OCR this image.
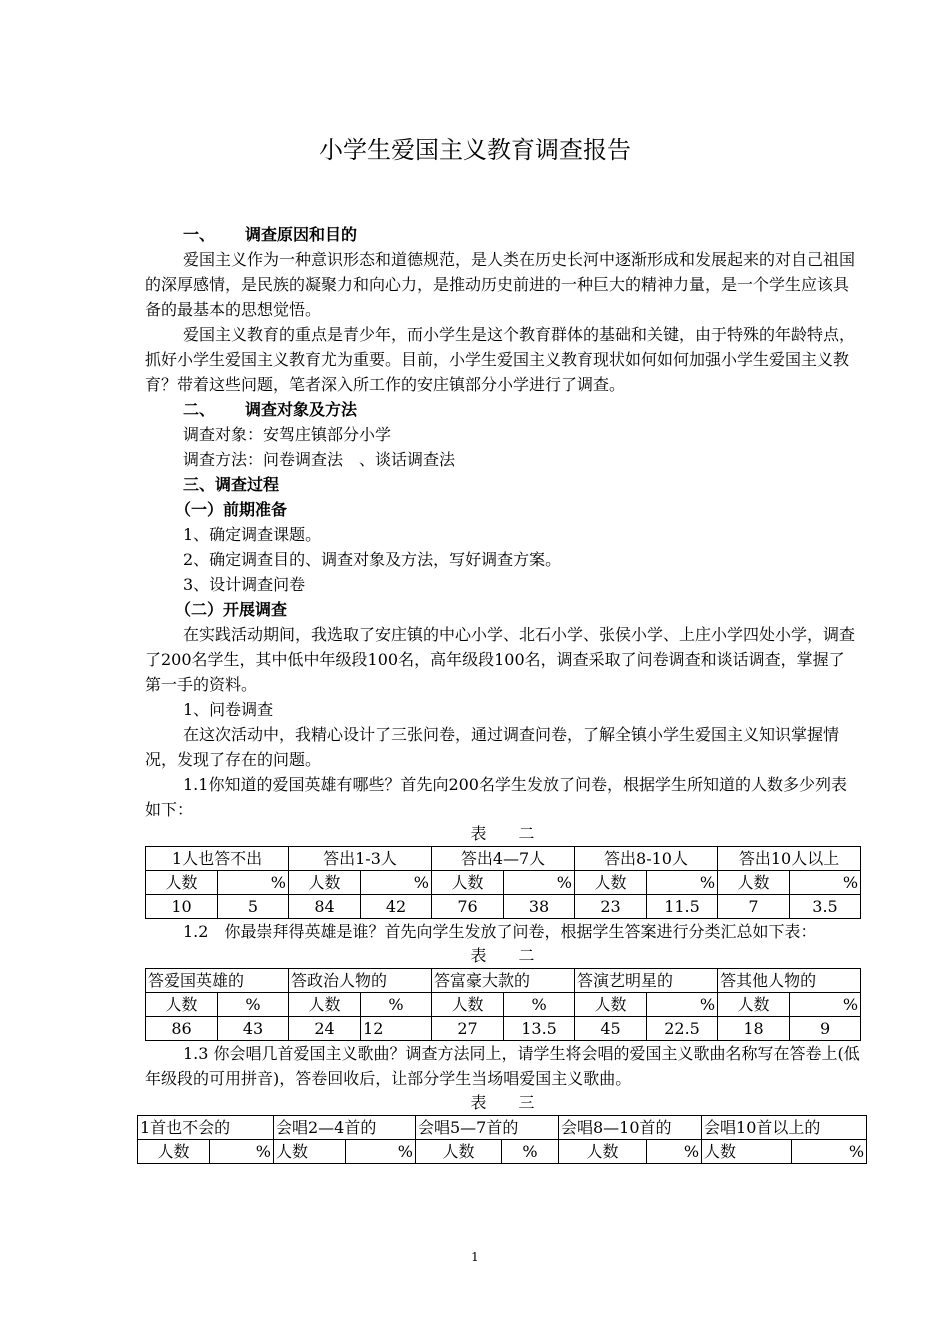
小学生爱国主义教育调查报告

一、 调查原因和目的

爱国主义作为一种意识形态和道德规范，是人类在历史长河中逐渐形成和发展起来的对自己祖国的深厚感情，是民族的凝聚力和向心力，是推动历史前进的一种巨大的精神力量，是一个学生应该具备的最基本的思想觉悟。

爱国主义教育的重点是青少年，而小学生是这个教育群体的基础和关键，由于特殊的年龄特点，抓好小学生爱国主义教育尤为重要。目前，小学生爱国主义教育现状如何如何加强小学生爱国主义教育？带着这些问题，笔者深入所工作的安庄镇部分小学进行了调查。

二、 调查对象及方法

调查对象：安驾庄镇部分小学

调查方法：问卷调查法　、谈话调查法

三、调查过程

（一）前期准备

1、确定调查课题。

2、确定调查目的、调查对象及方法，写好调查方案。

3、设计调查问卷

（二）开展调查

在实践活动期间，我选取了安庄镇的中心小学、北石小学、张侯小学、上庄小学四处小学，调查了200名学生，其中低中年级段100名，高年级段100名，调查采取了问卷调查和谈话调查，掌握了第一手的资料。

1、问卷调查

在这次活动中，我精心设计了三张问卷，通过调查问卷，了解全镇小学生爱国主义知识掌握情况，发现了存在的问题。

1.1你知道的爱国英雄有哪些？首先向200名学生发放了问卷，根据学生所知道的人数多少列表如下：

表 二

1人也答不出		答出1-3人		答出4—7人		答出8-10人		答出10人以上	
人数	%	人数	%	人数	%	人数	%	人数	%
10	5	84	42	76	38	23	11.5	7	3.5

1.2　你最崇拜得英雄是谁？首先向学生发放了问卷，根据学生答案进行分类汇总如下表：

表 二

答爱国英雄的		答政治人物的		答富豪大款的		答演艺明星的		答其他人物的	
人数	%	人数	%	人数	%	人数	%	人数	%
86	43	24	12	27	13.5	45	22.5	18	9

1.3 你会唱几首爱国主义歌曲？调查方法同上，请学生将会唱的爱国主义歌曲名称写在答卷上(低年级段的可用拼音)，答卷回收后，让部分学生当场唱爱国主义歌曲。

表 三

1首也不会的		会唱2—4首的		会唱5—7首的		会唱8—10首的		会唱10首以上的	
人数	%	人数	%	人数	%	人数	%	人数	%
1
